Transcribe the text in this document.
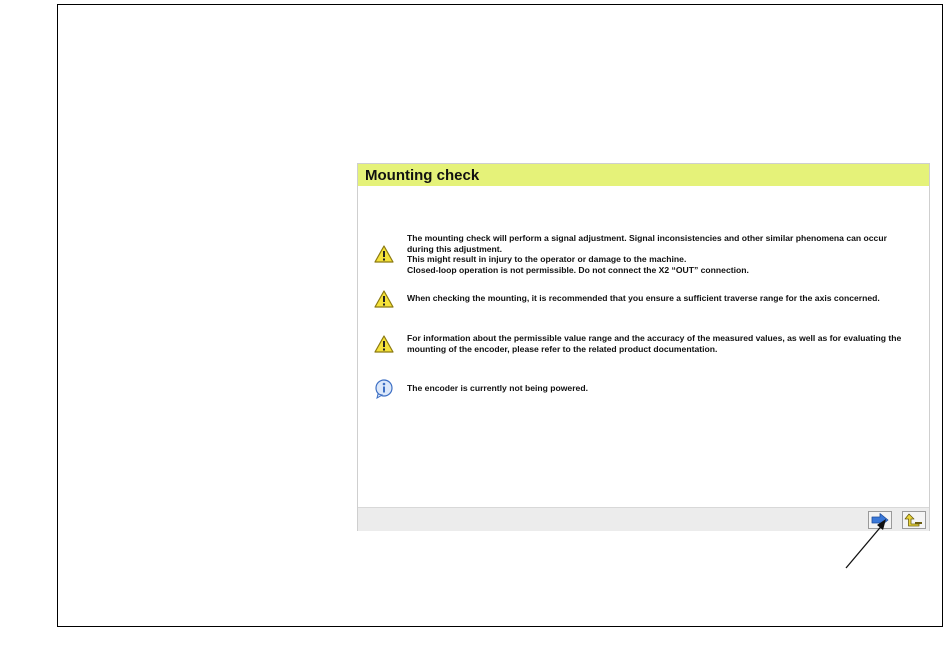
Mounting check
The mounting check will perform a signal adjustment. Signal inconsistencies and other similar phenomena can occur
during this adjustment.
This might result in injury to the operator or damage to the machine.
Closed-loop operation is not permissible. Do not connect the X2 “OUT” connection.
When checking the mounting, it is recommended that you ensure a sufficient traverse range for the axis concerned.
For information about the permissible value range and the accuracy of the measured values, as well as for evaluating the
mounting of the encoder, please refer to the related product documentation.
The encoder is currently not being powered.
